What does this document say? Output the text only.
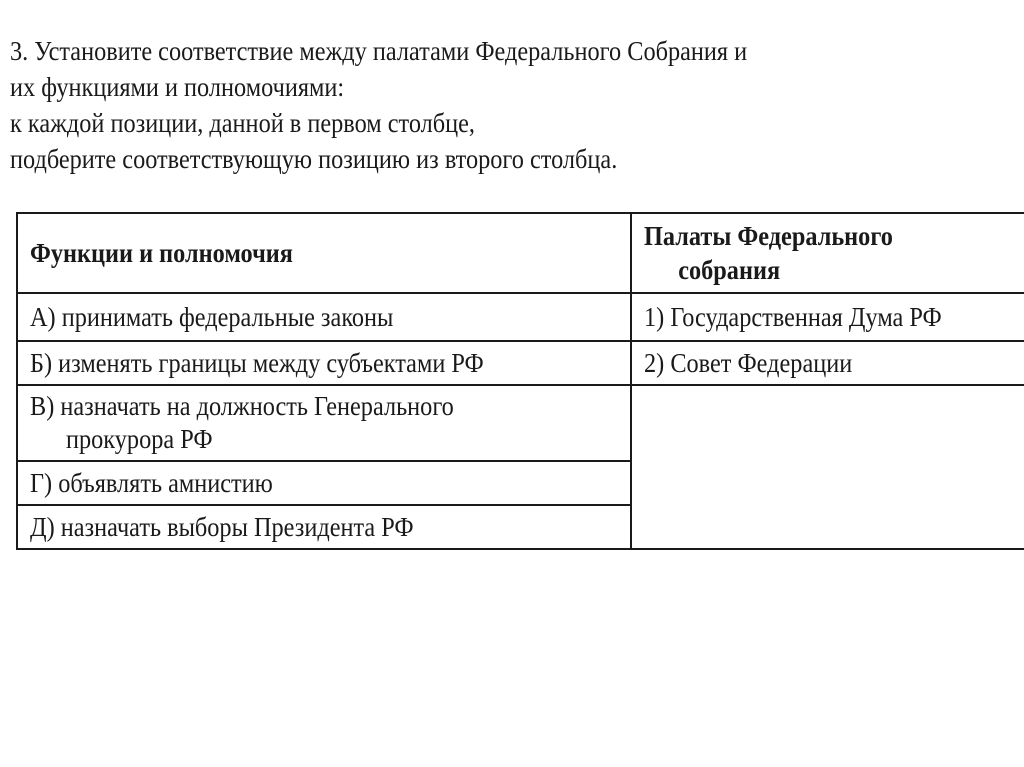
3. Установите соответствие между палатами Федерального Собрания и
их функциями и полномочиями:
к каждой позиции, данной в первом столбце,
подберите соответствующую позицию из второго столбца.
Функции и полномочия	Палаты Федерального
собрания

А) принимать федеральные законы	1) Государственная Дума РФ
Б) изменять границы между субъектами РФ	2) Совет Федерации

В) назначать на должность Генерального
прокурора РФ	

Г) объявлять амнистию	
Д) назначать выборы Президента РФ	
